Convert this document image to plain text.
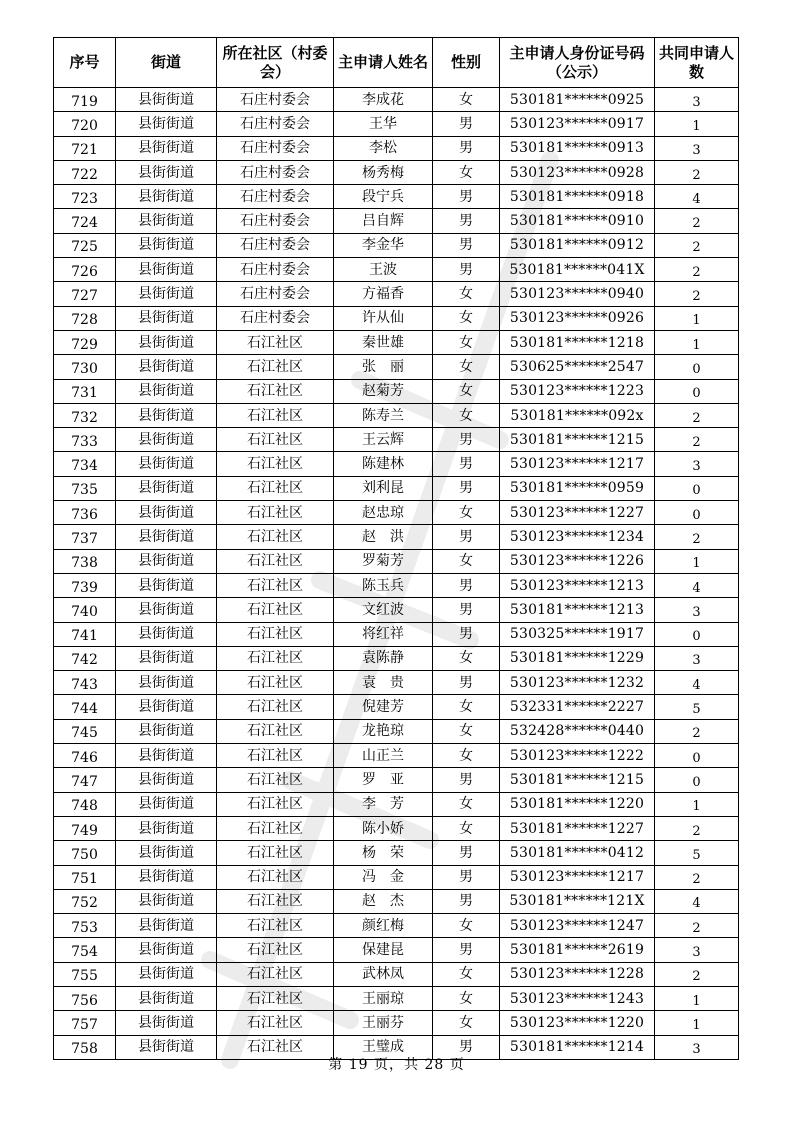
序号	街道	所在社区（村委会）	主申请人姓名	性别	主申请人身份证号码（公示）	共同申请人数
719	县街街道	石庄村委会	李成花	女	530181******0925	3
720	县街街道	石庄村委会	王华	男	530123******0917	1
721	县街街道	石庄村委会	李松	男	530181******0913	3
722	县街街道	石庄村委会	杨秀梅	女	530123******0928	2
723	县街街道	石庄村委会	段宁兵	男	530181******0918	4
724	县街街道	石庄村委会	吕自辉	男	530181******0910	2
725	县街街道	石庄村委会	李金华	男	530181******0912	2
726	县街街道	石庄村委会	王波	男	530181******041X	2
727	县街街道	石庄村委会	方福香	女	530123******0940	2
728	县街街道	石庄村委会	许从仙	女	530123******0926	1
729	县街街道	石江社区	秦世雄	女	530181******1218	1
730	县街街道	石江社区	张　丽	女	530625******2547	0
731	县街街道	石江社区	赵菊芳	女	530123******1223	0
732	县街街道	石江社区	陈寿兰	女	530181******092x	2
733	县街街道	石江社区	王云辉	男	530181******1215	2
734	县街街道	石江社区	陈建林	男	530123******1217	3
735	县街街道	石江社区	刘利昆	男	530181******0959	0
736	县街街道	石江社区	赵忠琼	女	530123******1227	0
737	县街街道	石江社区	赵　洪	男	530123******1234	2
738	县街街道	石江社区	罗菊芳	女	530123******1226	1
739	县街街道	石江社区	陈玉兵	男	530123******1213	4
740	县街街道	石江社区	文红波	男	530181******1213	3
741	县街街道	石江社区	将红祥	男	530325******1917	0
742	县街街道	石江社区	袁陈静	女	530181******1229	3
743	县街街道	石江社区	袁　贵	男	530123******1232	4
744	县街街道	石江社区	倪建芳	女	532331******2227	5
745	县街街道	石江社区	龙艳琼	女	532428******0440	2
746	县街街道	石江社区	山正兰	女	530123******1222	0
747	县街街道	石江社区	罗　亚	男	530181******1215	0
748	县街街道	石江社区	李　芳	女	530181******1220	1
749	县街街道	石江社区	陈小娇	女	530181******1227	2
750	县街街道	石江社区	杨　荣	男	530181******0412	5
751	县街街道	石江社区	冯　金	男	530123******1217	2
752	县街街道	石江社区	赵　杰	男	530181******121X	4
753	县街街道	石江社区	颜红梅	女	530123******1247	2
754	县街街道	石江社区	保建昆	男	530181******2619	3
755	县街街道	石江社区	武林凤	女	530123******1228	2
756	县街街道	石江社区	王丽琼	女	530123******1243	1
757	县街街道	石江社区	王丽芬	女	530123******1220	1
758	县街街道	石江社区	王璧成	男	530181******1214	3
第 19 页，共 28 页
